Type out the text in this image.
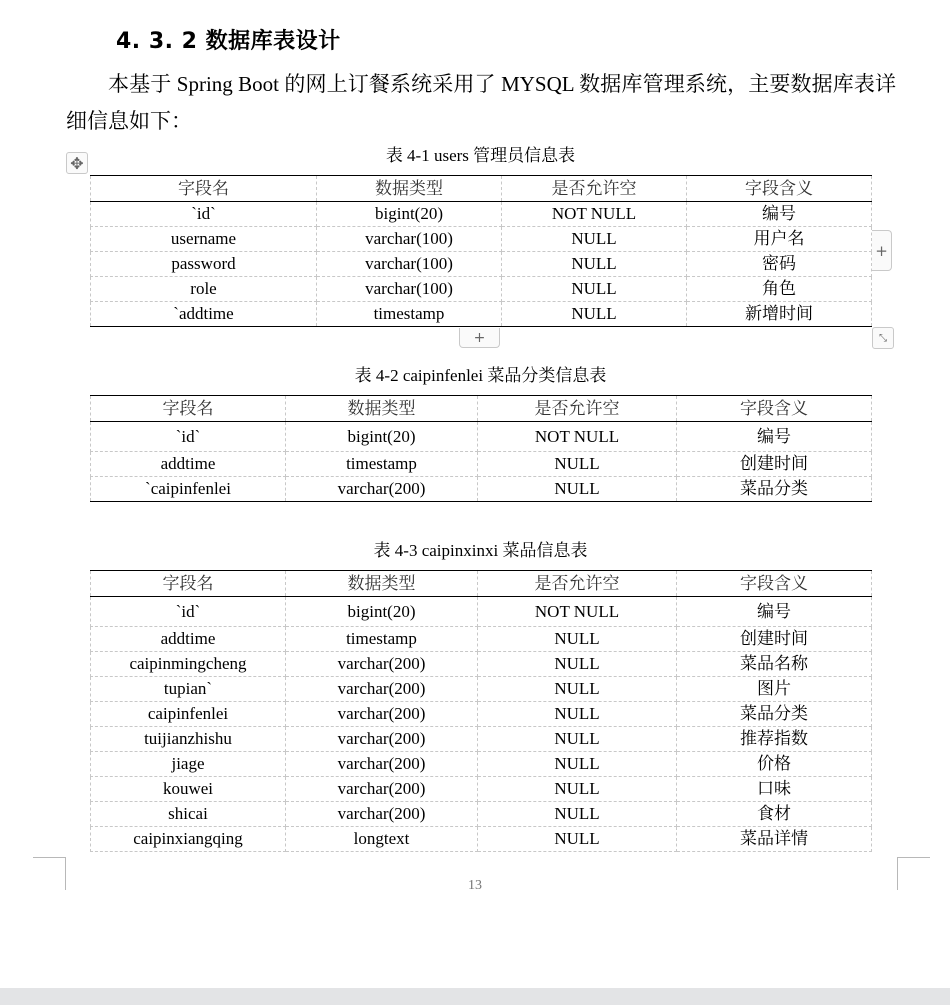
4. 3. 2 数据库表设计

本基于 Spring Boot 的网上订餐系统采用了 MYSQL 数据库管理系统，主要数据库表详细信息如下：

表 4-1 users 管理员信息表
✥
字段名	数据类型	是否允许空	字段含义
`id`	bigint(20)	NOT NULL	编号
username	varchar(100)	NULL	用户名
password	varchar(100)	NULL	密码
role	varchar(100)	NULL	角色
`addtime	timestamp	NULL	新增时间
+
+
⤡
表 4-2 caipinfenlei 菜品分类信息表
字段名	数据类型	是否允许空	字段含义
`id`	bigint(20)	NOT NULL	编号
addtime	timestamp	NULL	创建时间
`caipinfenlei	varchar(200)	NULL	菜品分类
表 4-3 caipinxinxi 菜品信息表
字段名	数据类型	是否允许空	字段含义
`id`	bigint(20)	NOT NULL	编号
addtime	timestamp	NULL	创建时间
caipinmingcheng	varchar(200)	NULL	菜品名称
tupian`	varchar(200)	NULL	图片
caipinfenlei	varchar(200)	NULL	菜品分类
tuijianzhishu	varchar(200)	NULL	推荐指数
jiage	varchar(200)	NULL	价格
kouwei	varchar(200)	NULL	口味
shicai	varchar(200)	NULL	食材
caipinxiangqing	longtext	NULL	菜品详情
13
